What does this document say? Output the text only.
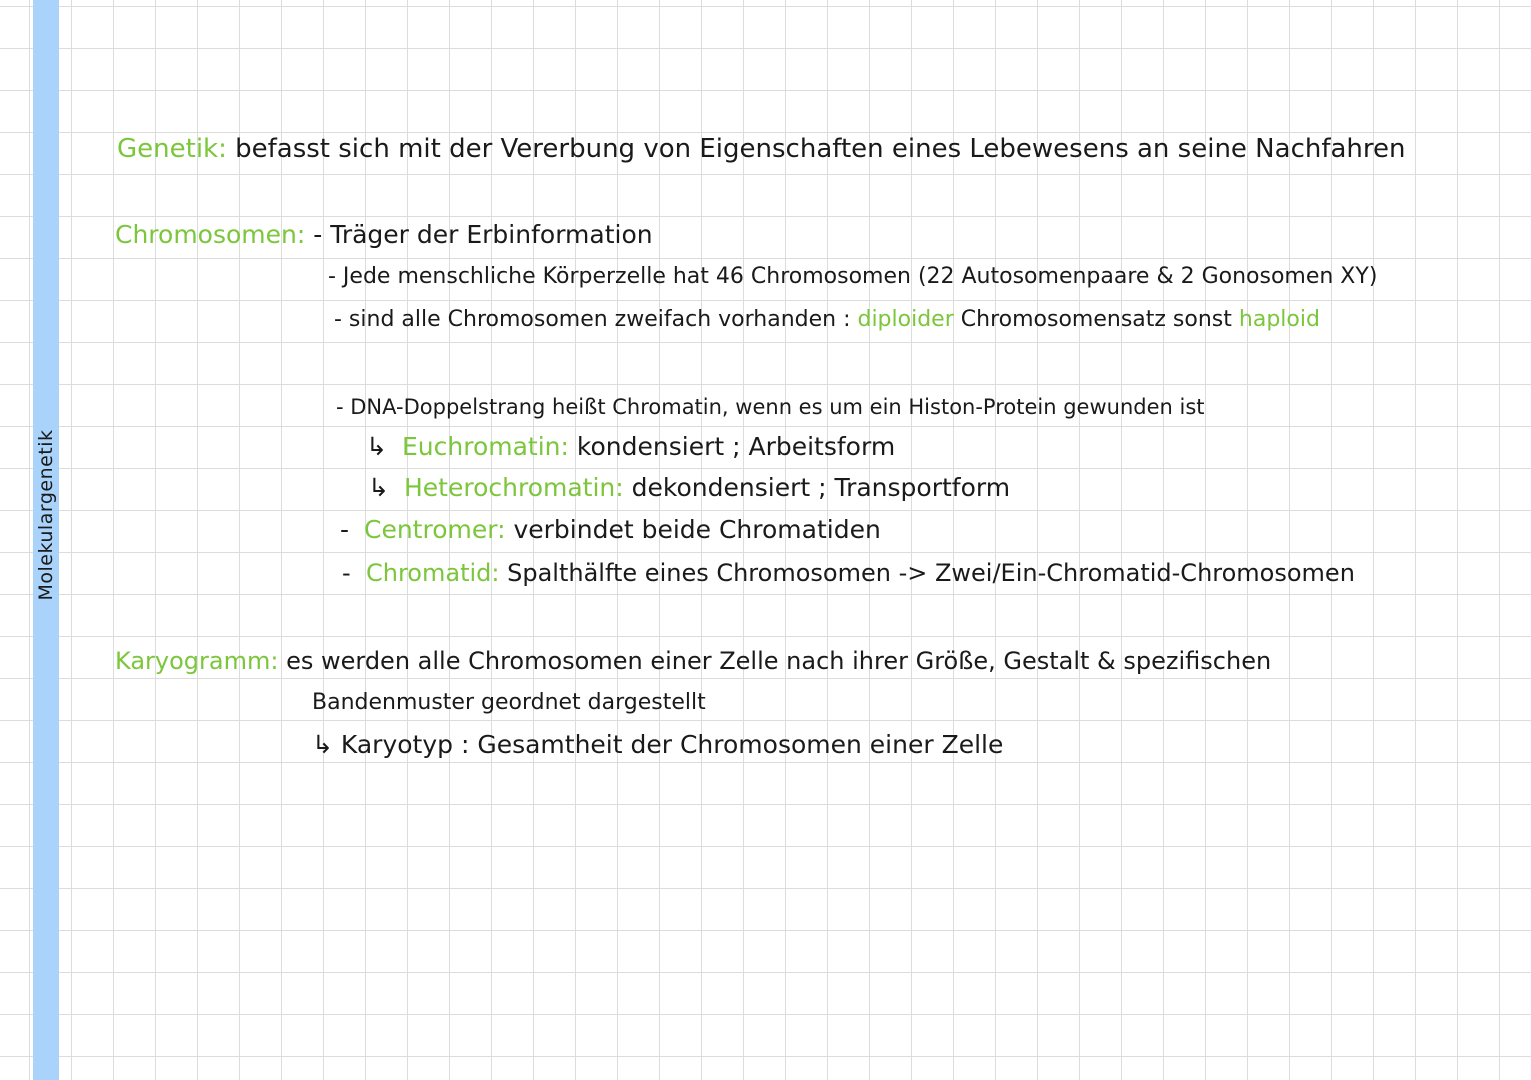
Molekulargenetik
Genetik: befasst sich mit der Vererbung von Eigenschaften eines Lebewesens an seine Nachfahren
Chromosomen: - Träger der Erbinformation
- Jede menschliche Körperzelle hat 46 Chromosomen (22 Autosomenpaare & 2 Gonosomen XY)
- sind alle Chromosomen zweifach vorhanden : diploider Chromosomensatz sonst haploid
- DNA-Doppelstrang heißt Chromatin, wenn es um ein Histon-Protein gewunden ist
↳ Euchromatin: kondensiert ; Arbeitsform
↳ Heterochromatin: dekondensiert ; Transportform
- Centromer: verbindet beide Chromatiden
- Chromatid: Spalthälfte eines Chromosomen -> Zwei/Ein-Chromatid-Chromosomen
Karyogramm: es werden alle Chromosomen einer Zelle nach ihrer Größe, Gestalt & spezifischen
Bandenmuster geordnet dargestellt
↳ Karyotyp : Gesamtheit der Chromosomen einer Zelle
